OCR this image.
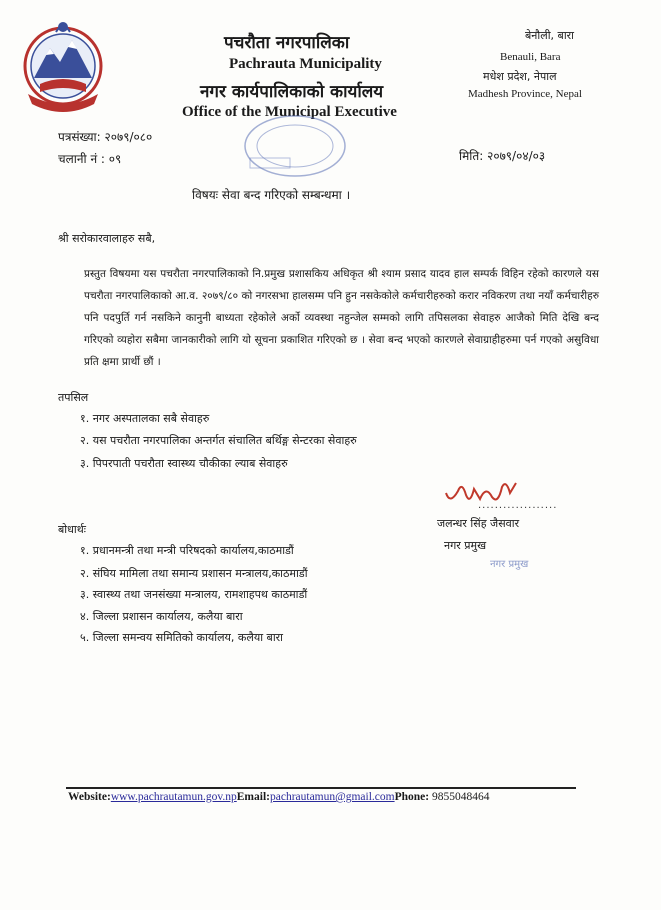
पचरौता नगरपालिका
Pachrauta Municipality
नगर कार्यपालिकाको कार्यालय
Office of the Municipal Executive
बेनौली, बारा
Benauli, Bara
मधेश प्रदेश, नेपाल
Madhesh Province, Nepal
पत्रसंख्या: २०७९/०८०
चलानी नं : ०९	मिति: २०७९/०४/०३
विषयः सेवा बन्द गरिएको सम्बन्धमा ।
श्री सरोकारवालाहरु सबै,
प्रस्तुत विषयमा यस पचरौता नगरपालिकाको नि.प्रमुख प्रशासकिय अधिकृत श्री श्याम प्रसाद यादव हाल सम्पर्क विहिन रहेको कारणले यस पचरौता नगरपालिकाको आ.व. २०७९/८० को नगरसभा हालसम्म पनि हुन नसकेकोले कर्मचारीहरुको करार नविकरण तथा नयाँ कर्मचारीहरु पनि पदपुर्ति गर्न नसकिने कानुनी बाध्यता रहेकोले अर्को व्यवस्था नहुन्जेल सम्मको लागि तपिसलका सेवाहरु आजैको मिति देखि बन्द गरिएको व्यहोरा सबैमा जानकारीको लागि यो सूचना प्रकाशित गरिएको छ । सेवा बन्द भएको कारणले सेवाग्राहीहरुमा पर्न गएको असुविधा प्रति क्षमा प्रार्थी छौं ।
तपसिल
१. नगर अस्पतालका सबै सेवाहरु
२. यस पचरौता नगरपालिका अन्तर्गत संचालित बर्थिङ्ग सेन्टरका सेवाहरु
३. पिपरपाती पचरौता स्वास्थ्य चौकीका ल्याब सेवाहरु
...................
जलन्धर सिंह जैसवार
नगर प्रमुख
नगर प्रमुख
बोधार्थः
१. प्रधानमन्त्री तथा मन्त्री परिषदको कार्यालय,काठमाडौं
२. संघिय मामिला तथा समान्य प्रशासन मन्त्रालय,काठमाडौं
३. स्वास्थ्य तथा जनसंख्या मन्त्रालय, रामशाहपथ काठमाडौं
४. जिल्ला प्रशासन कार्यालय, कलैया बारा
५. जिल्ला समन्वय समितिको कार्यालय, कलैया बारा
Website:www.pachrautamun.gov.npEmail:pachrautamun@gmail.comPhone: 9855048464
